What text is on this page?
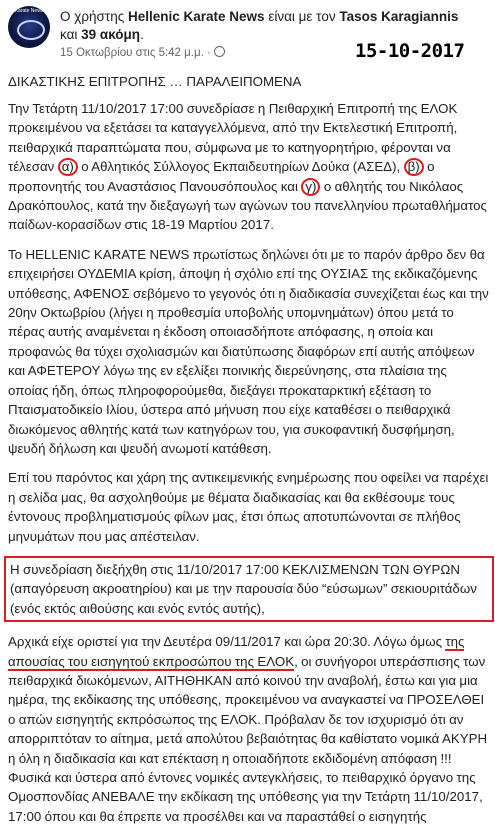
Karate News	Ο χρήστης Hellenic Karate News είναι με τον Tasos Karagiannis
και 39 ακόμη.
15 Οκτωβρίου στις 5:42 μ.μ. ·	15-10-2017
ΔΙΚΑΣΤΙΚΗΣ ΕΠΙΤΡΟΠΗΣ … ΠΑΡΑΛΕΙΠΟΜΕΝΑ

Την Τετάρτη 11/10/2017 17:00 συνεδρίασε η Πειθαρχική Επιτροπή της ΕΛΟΚ προκειμένου να εξετάσει τα καταγγελλόμενα, από την Εκτελεστική Επιτροπή, πειθαρχικά παραπτώματα που, σύμφωνα με το κατηγορητήριο, φέρονται να τέλεσαν α) ο Αθλητικός Σύλλογος Εκπαιδευτηρίων Δούκα (ΑΣΕΔ), β) ο προπονητής του Αναστάσιος Πανουσόπουλος και γ) ο αθλητής του Νικόλαος Δρακόπουλος, κατά την διεξαγωγή των αγώνων του πανελληνίου πρωταθλήματος παίδων-κορασίδων στις 18-19 Μαρτίου 2017.

Το HELLENIC KARATE NEWS πρωτίστως δηλώνει ότι με το παρόν άρθρο δεν θα επιχειρήσει ΟΥΔΕΜΙΑ κρίση, άποψη ή σχόλιο επί της ΟΥΣΙΑΣ της εκδικαζόμενης υπόθεσης, ΑΦΕΝΟΣ σεβόμενο το γεγονός ότι η διαδικασία συνεχίζεται έως και την 20ην Οκτωβρίου (λήγει η προθεσμία υποβολής υπομνημάτων) όπου μετά το πέρας αυτής αναμένεται η έκδοση οποιασδήποτε απόφασης, η οποία και προφανώς θα τύχει σχολιασμών και διατύπωσης διαφόρων επί αυτής απόψεων και ΑΦΕΤΕΡΟΥ λόγω της εν εξελίξει ποινικής διερεύνησης, στα πλαίσια της οποίας ήδη, όπως πληροφορούμεθα, διεξάγει προκαταρκτική εξέταση το Πταισματοδικείο Ιλίου, ύστερα από μήνυση που είχε καταθέσει ο πειθαρχικά διωκόμενος αθλητής κατά των κατηγόρων του, για συκοφαντική δυσφήμηση, ψευδή δήλωση και ψευδή ανωμοτί κατάθεση.

Επί του παρόντος και χάρη της αντικειμενικής ενημέρωσης που οφείλει να παρέχει η σελίδα μας, θα ασχοληθούμε με θέματα διαδικασίας και θα εκθέσουμε τους έντονους προβληματισμούς φίλων μας, έτσι όπως αποτυπώνονται σε πλήθος μηνυμάτων που μας απέστειλαν.

Η συνεδρίαση διεξήχθη στις 11/10/2017 17:00 ΚΕΚΛΙΣΜΕΝΩΝ ΤΩΝ ΘΥΡΩΝ (απαγόρευση ακροατηρίου) και με την παρουσία δύο “εύσωμων” σεκιουριτάδων (ενός εκτός αιθούσης και ενός εντός αυτής),

Αρχικά είχε οριστεί για την Δευτέρα 09/11/2017 και ώρα 20:30. Λόγω όμως της απουσίας του εισηγητού εκπροσώπου της ΕΛΟΚ, οι συνήγοροι υπεράσπισης των πειθαρχικά διωκόμενων, ΑΙΤΗΘΗΚΑΝ από κοινού την αναβολή, έστω και για μια ημέρα, της εκδίκασης της υπόθεσης, προκειμένου να αναγκαστεί να ΠΡΟΣΕΛΘΕΙ ο απών εισηγητής εκπρόσωπος της ΕΛΟΚ. Πρόβαλαν δε τον ισχυρισμό ότι αν απορριπτόταν το αίτημα, μετά απολύτου βεβαιότητας θα καθίστατο νομικά ΑΚΥΡΗ η όλη η διαδικασία και κατ επέκταση η οποιαδήποτε εκδιδομένη απόφαση !!! Φυσικά και ύστερα από έντονες νομικές αντεγκλήσεις, το πειθαρχικό όργανο της Ομοσπονδίας ΑΝΕΒΑΛΕ την εκδίκαση της υπόθεσης για την Τετάρτη 11/10/2017, 17:00 όπου και θα έπρεπε να προσέλθει και να παραστάθεί ο εισηγητής
